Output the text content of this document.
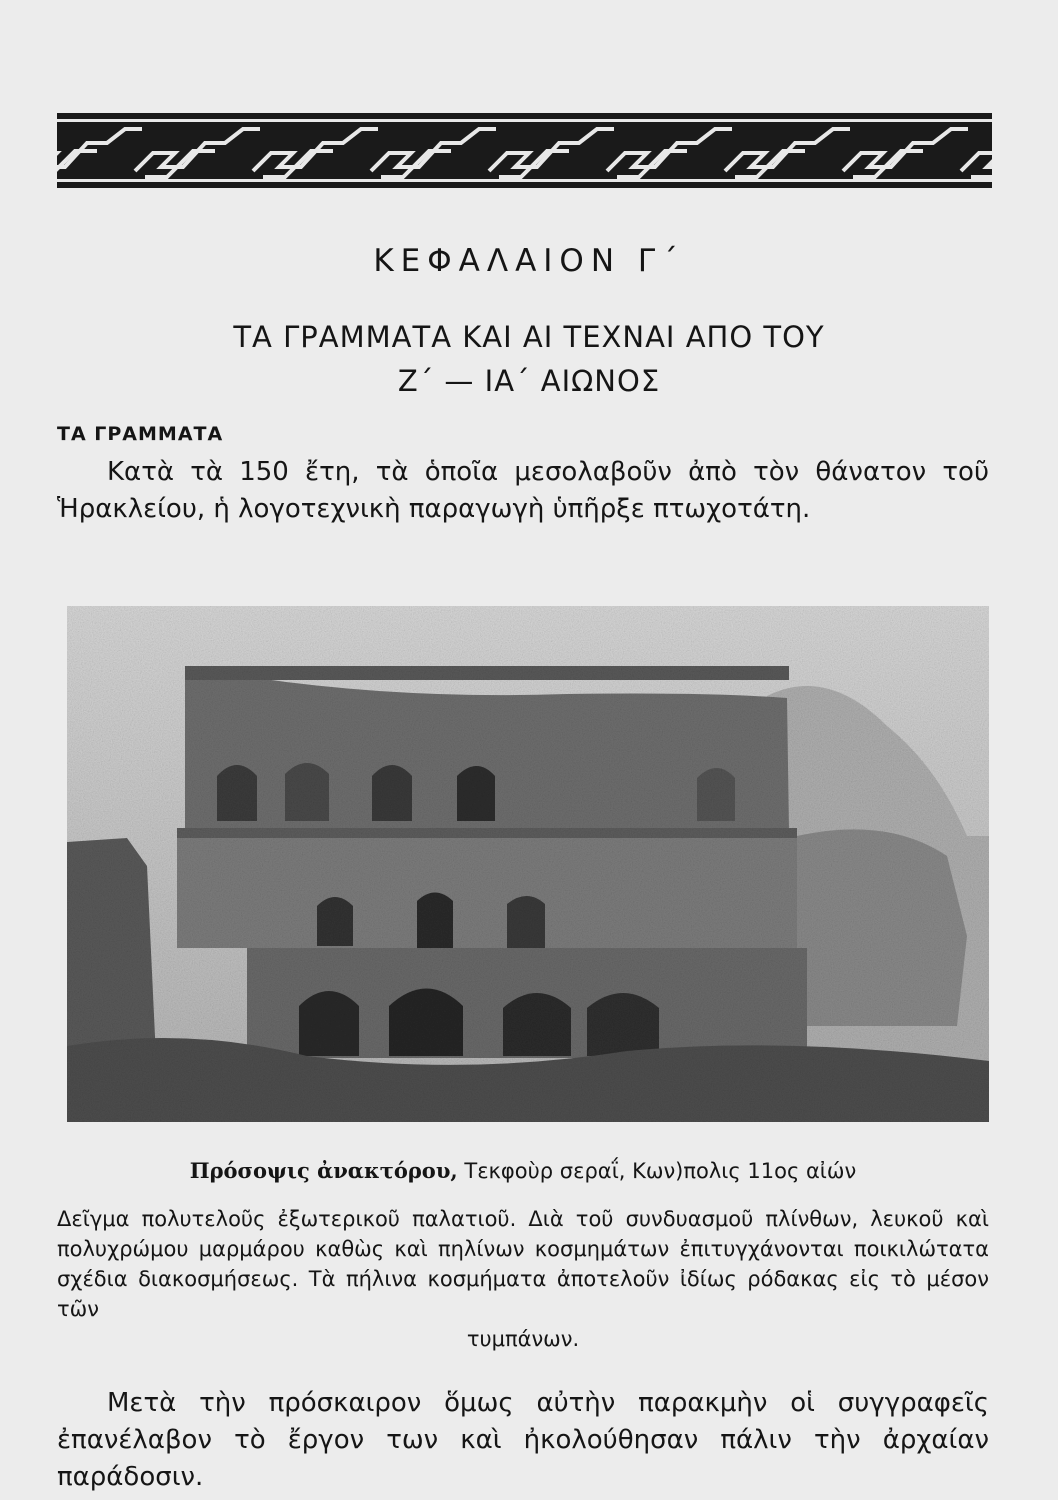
ΚΕΦΑΛΑΙΟΝ Γ΄
ΤΑ ΓΡΑΜΜΑΤΑ ΚΑΙ ΑΙ ΤΕΧΝΑΙ ΑΠΟ ΤΟΥ
Ζ΄ — ΙΑ΄ ΑΙΩΝΟΣ
ΤΑ ΓΡΑΜΜΑΤΑ

Κατὰ τὰ 150 ἔτη, τὰ ὁποῖα μεσολαβοῦν ἀπὸ τὸν θάνατον τοῦ Ἡρακλείου, ἡ λογοτεχνικὴ παραγωγὴ ὑπῆρξε πτωχοτάτη.

Πρόσοψις ἀνακτόρου, Τεκφοὺρ σεραΐ, Κων)πολις 11ος αἰών

Δεῖγμα πολυτελοῦς ἐξωτερικοῦ παλατιοῦ. Διὰ τοῦ συνδυασμοῦ πλίνθων, λευκοῦ καὶ πολυχρώμου μαρμάρου καθὼς καὶ πηλίνων κοσμημάτων ἐπιτυγχάνονται ποικιλώτατα σχέδια διακοσμήσεως. Τὰ πήλινα κοσμήματα ἀποτελοῦν ἰδίως ρόδακας εἰς τὸ μέσον τῶν
τυμπάνων.

Μετὰ τὴν πρόσκαιρον ὅμως αὐτὴν παρακμὴν οἱ συγγραφεῖς ἐπανέλαβον τὸ ἔργον των καὶ ἠκολούθησαν πάλιν τὴν ἀρχαίαν παράδοσιν.
